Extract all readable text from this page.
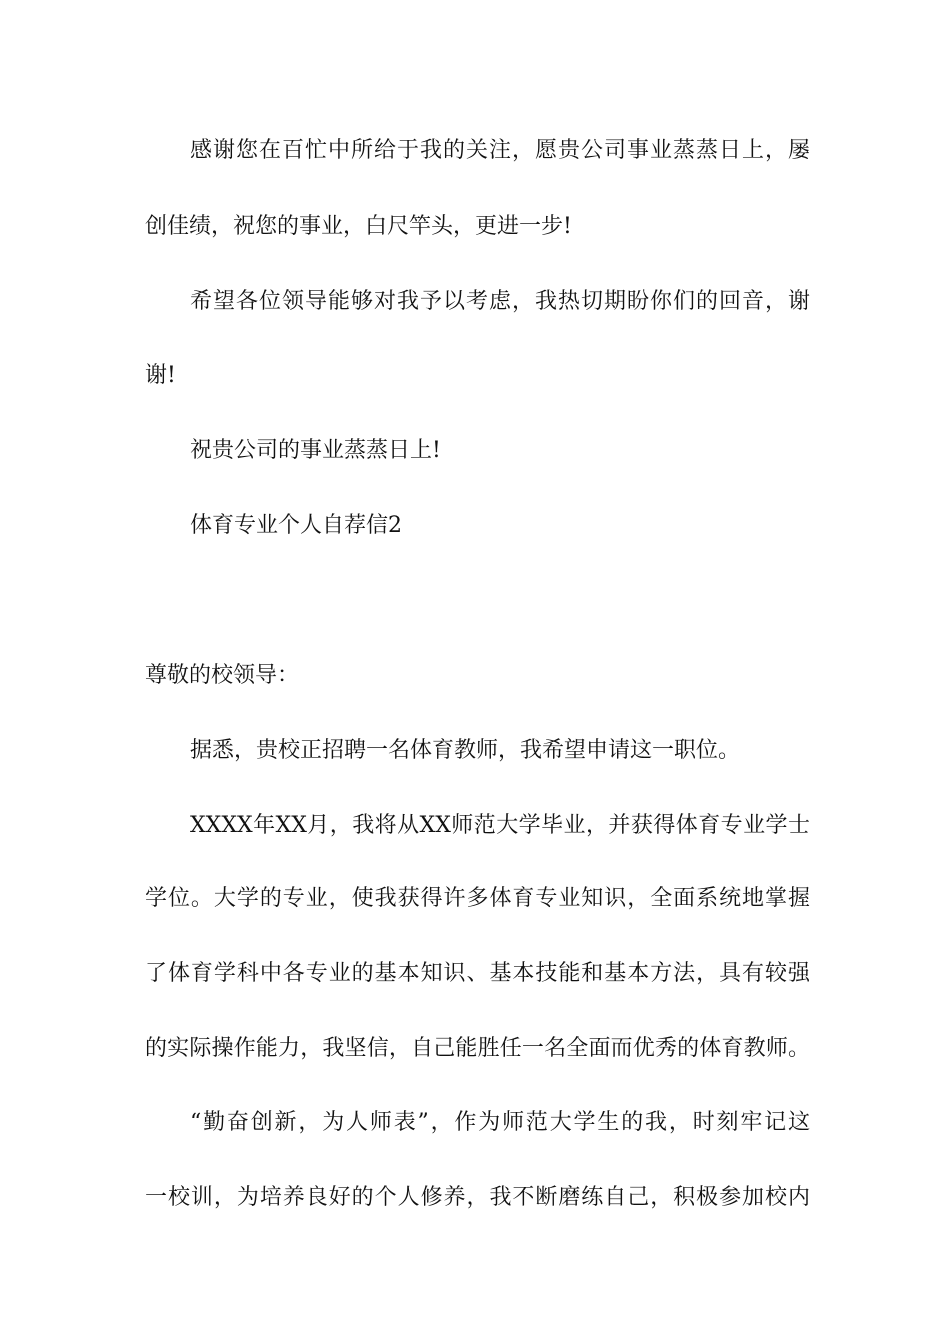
感谢您在百忙中所给于我的关注，愿贵公司事业蒸蒸日上，屡
创佳绩，祝您的事业，白尺竿头，更进一步!
希望各位领导能够对我予以考虑，我热切期盼你们的回音，谢
谢!
祝贵公司的事业蒸蒸日上!
体育专业个人自荐信2
尊敬的校领导：
据悉，贵校正招聘一名体育教师，我希望申请这一职位。
XXXX年XX月，我将从XX师范大学毕业，并获得体育专业学士
学位。大学的专业，使我获得许多体育专业知识，全面系统地掌握
了体育学科中各专业的基本知识、基本技能和基本方法，具有较强
的实际操作能力，我坚信，自己能胜任一名全面而优秀的体育教师。
“勤奋创新，为人师表”，作为师范大学生的我，时刻牢记这
一校训，为培养良好的个人修养，我不断磨练自己，积极参加校内
